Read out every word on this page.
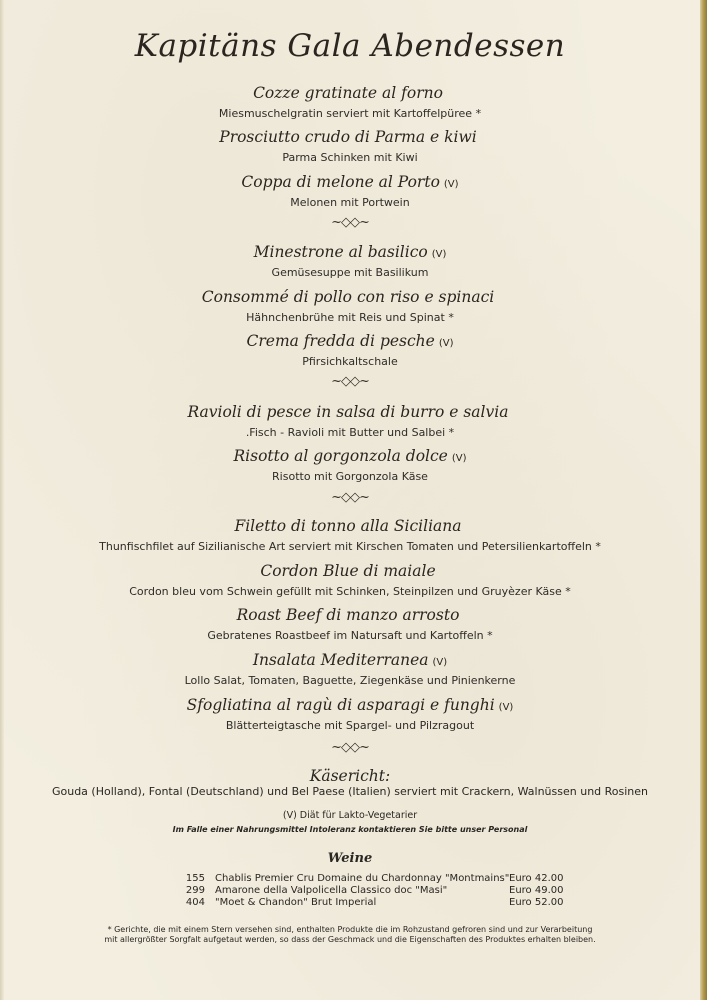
Kapitäns Gala Abendessen
Cozze gratinate al forno
Miesmuschelgratin serviert mit Kartoffelpüree *
Prosciutto crudo di Parma e kiwi
Parma Schinken mit Kiwi
Coppa di melone al Porto (V)
Melonen mit Portwein
~◇◇~
Minestrone al basilico (V)
Gemüsesuppe mit Basilikum
Consommé di pollo con riso e spinaci
Hähnchenbrühe mit Reis und Spinat *
Crema fredda di pesche (V)
Pfirsichkaltschale
~◇◇~
Ravioli di pesce in salsa di burro e salvia
.Fisch - Ravioli mit Butter und Salbei *
Risotto al gorgonzola dolce (V)
Risotto mit Gorgonzola Käse
~◇◇~
Filetto di tonno alla Siciliana
Thunfischfilet auf Sizilianische Art serviert mit Kirschen Tomaten und Petersilienkartoffeln *
Cordon Blue di maiale
Cordon bleu vom Schwein gefüllt mit Schinken, Steinpilzen und Gruyèzer Käse *
Roast Beef di manzo arrosto
Gebratenes Roastbeef im Natursaft und Kartoffeln *
Insalata Mediterranea (V)
Lollo Salat, Tomaten, Baguette, Ziegenkäse und Pinienkerne
Sfogliatina al ragù di asparagi e funghi (V)
Blätterteigtasche mit Spargel- und Pilzragout
~◇◇~
Käsericht:
Gouda (Holland), Fontal (Deutschland) und Bel Paese (Italien) serviert mit Crackern, Walnüssen und Rosinen
(V) Diät für Lakto-Vegetarier
Im Falle einer Nahrungsmittel Intoleranz kontaktieren Sie bitte unser Personal
Weine
155 Chablis Premier Cru Domaine du Chardonnay "Montmains" Euro 42.00
299 Amarone della Valpolicella Classico doc "Masi"	Euro 49.00
404 "Moet & Chandon" Brut Imperial	Euro 52.00
* Gerichte, die mit einem Stern versehen sind, enthalten Produkte die im Rohzustand gefroren sind und zur Verarbeitung mit allergrößter Sorgfalt aufgetaut werden, so dass der Geschmack und die Eigenschaften des Produktes erhalten bleiben.
